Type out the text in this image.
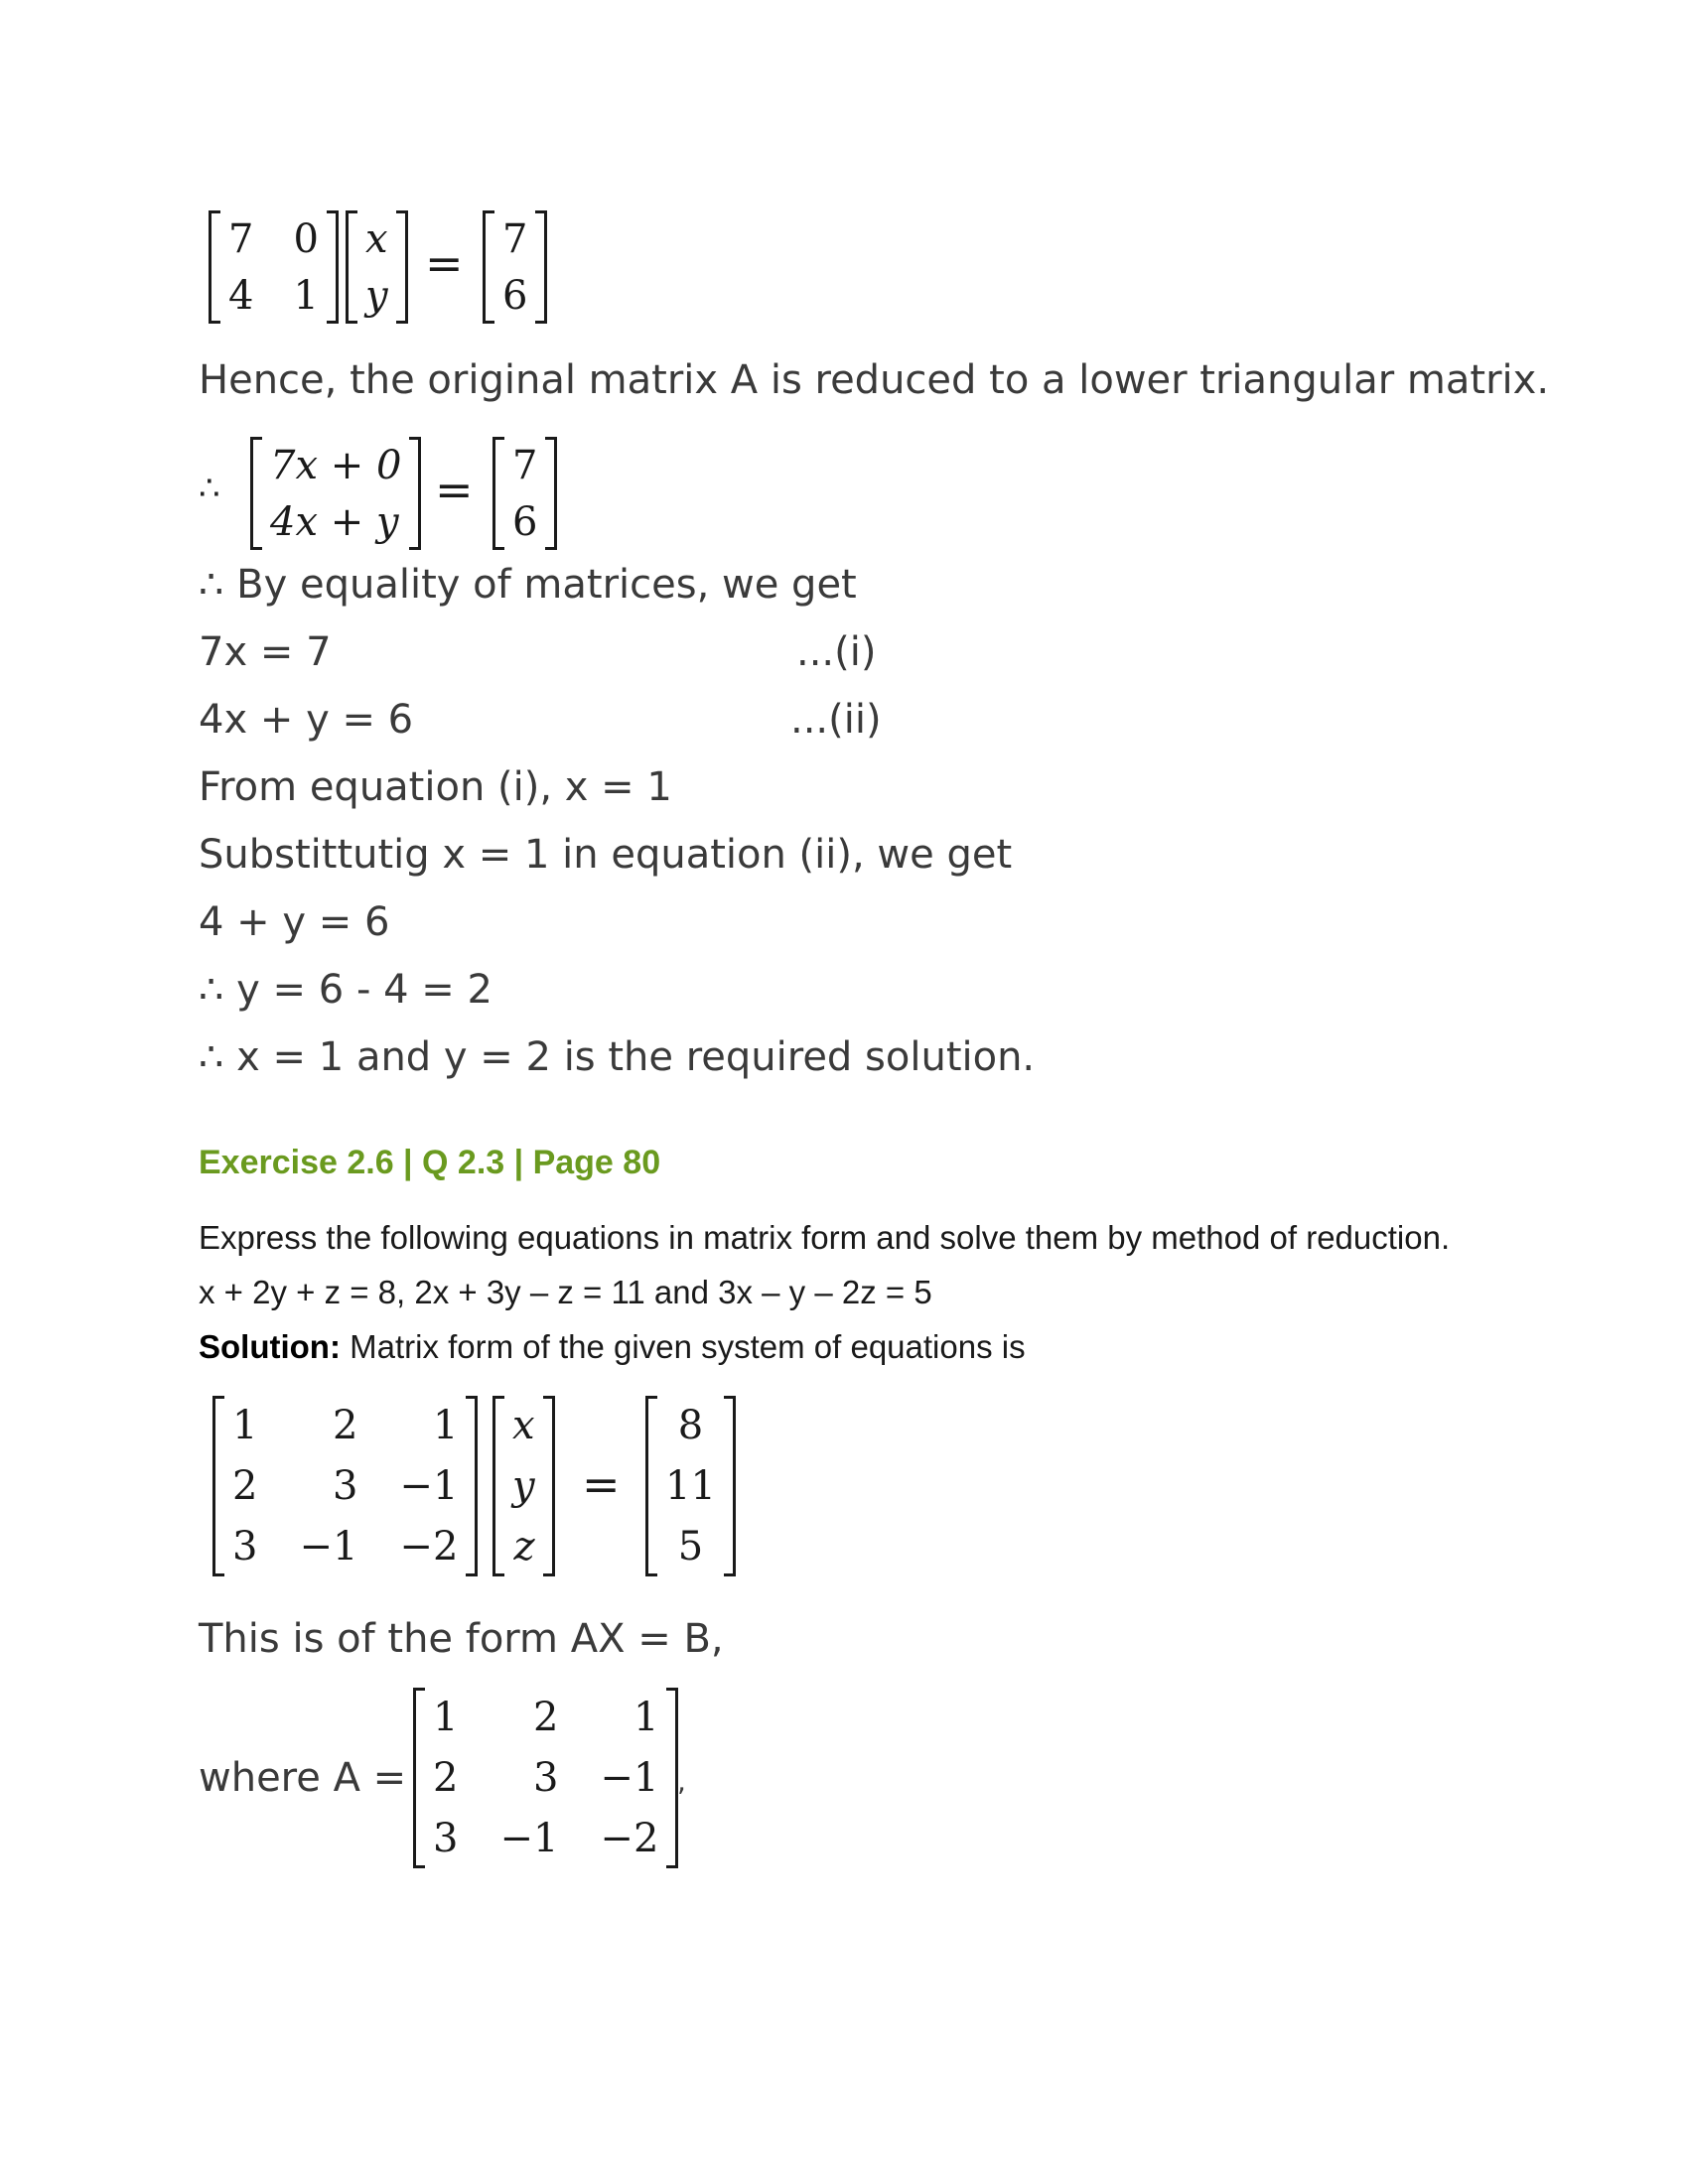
7 0
4 1
x
y
= 7
6
Hence, the original matrix A is reduced to a lower triangular matrix.
∴
7x + 0
4x + y
= 7
6
∴ By equality of matrices, we get
7x = 7	...(i)
4x + y = 6	...(ii)
From equation (i), x = 1
Substittutig x = 1 in equation (ii), we get
4 + y = 6
∴ y = 6 - 4 = 2
∴ x = 1 and y = 2 is the required solution.
Exercise 2.6 | Q 2.3 | Page 80
Express the following equations in matrix form and solve them by method of reduction.
x + 2y + z = 8, 2x + 3y – z = 11 and 3x – y – 2z = 5
Solution: Matrix form of the given system of equations is
1 2 1
2 3 −1
3 −1 −2
x
y
z
=
8
11
5
This is of the form AX = B,
where A =
1 2 1
2 3 −1
3 −1 −2
,
